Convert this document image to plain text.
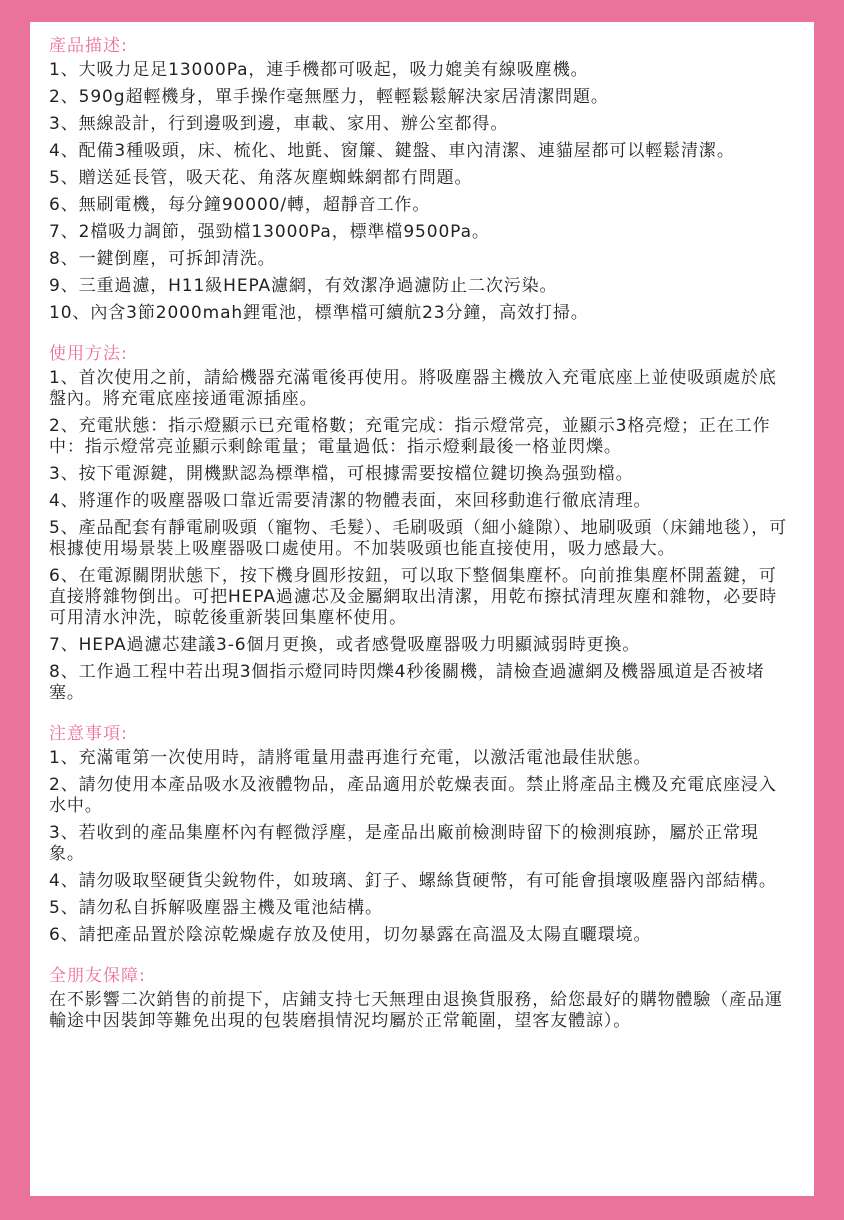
產品描述:
1、大吸力足足13000Pa，連手機都可吸起，吸力媲美有線吸塵機。
2、590g超輕機身，單手操作毫無壓力，輕輕鬆鬆解決家居清潔問題。
3、無線設計，行到邊吸到邊，車載、家用、辦公室都得。
4、配備3種吸頭，床、梳化、地氈、窗簾、鍵盤、車內清潔、連貓屋都可以輕鬆清潔。
5、贈送延長管，吸天花、角落灰塵蜘蛛網都冇問題。
6、無刷電機，每分鐘90000/轉，超靜音工作。
7、2檔吸力調節，强勁檔13000Pa，標準檔9500Pa。
8、一鍵倒塵，可拆卸清洗。
9、三重過濾，H11級HEPA濾網，有效潔净過濾防止二次污染。
10、內含3節2000mah鋰電池，標準檔可續航23分鐘，高效打掃。
使用方法:
1、首次使用之前，請給機器充滿電後再使用。將吸塵器主機放入充電底座上並使吸頭處於底盤內。將充電底座接通電源插座。
2、充電狀態：指示燈顯示已充電格數；充電完成：指示燈常亮，並顯示3格亮燈；正在工作中：指示燈常亮並顯示剩餘電量；電量過低：指示燈剩最後一格並閃爍。
3、按下電源鍵，開機默認為標準檔，可根據需要按檔位鍵切換為强勁檔。
4、將運作的吸塵器吸口靠近需要清潔的物體表面，來回移動進行徹底清理。
5、產品配套有靜電刷吸頭（寵物、毛髮）、毛刷吸頭（細小縫隙）、地刷吸頭（床鋪地毯），可根據使用場景裝上吸塵器吸口處使用。不加裝吸頭也能直接使用，吸力感最大。
6、在電源關閉狀態下，按下機身圓形按鈕，可以取下整個集塵杯。向前推集塵杯開蓋鍵，可直接將雜物倒出。可把HEPA過濾芯及金屬網取出清潔，用乾布擦拭清理灰塵和雜物，必要時可用清水沖洗，晾乾後重新裝回集塵杯使用。
7、HEPA過濾芯建議3-6個月更換，或者感覺吸塵器吸力明顯減弱時更換。
8、工作過工程中若出現3個指示燈同時閃爍4秒後關機，請檢查過濾網及機器風道是否被堵塞。
注意事項:
1、充滿電第一次使用時，請將電量用盡再進行充電，以激活電池最佳狀態。
2、請勿使用本產品吸水及液體物品，產品適用於乾燥表面。禁止將產品主機及充電底座浸入水中。
3、若收到的產品集塵杯內有輕微浮塵，是產品出廠前檢測時留下的檢測痕跡，屬於正常現象。
4、請勿吸取堅硬貨尖銳物件，如玻璃、釘子、螺絲貨硬幣，有可能會損壞吸塵器內部結構。
5、請勿私自拆解吸塵器主機及電池結構。
6、請把產品置於陰涼乾燥處存放及使用，切勿暴露在高溫及太陽直曬環境。
全朋友保障:

在不影響二次銷售的前提下，店鋪支持七天無理由退換貨服務，給您最好的購物體驗（產品運輸途中因裝卸等難免出現的包裝磨損情況均屬於正常範圍，望客友體諒）。
